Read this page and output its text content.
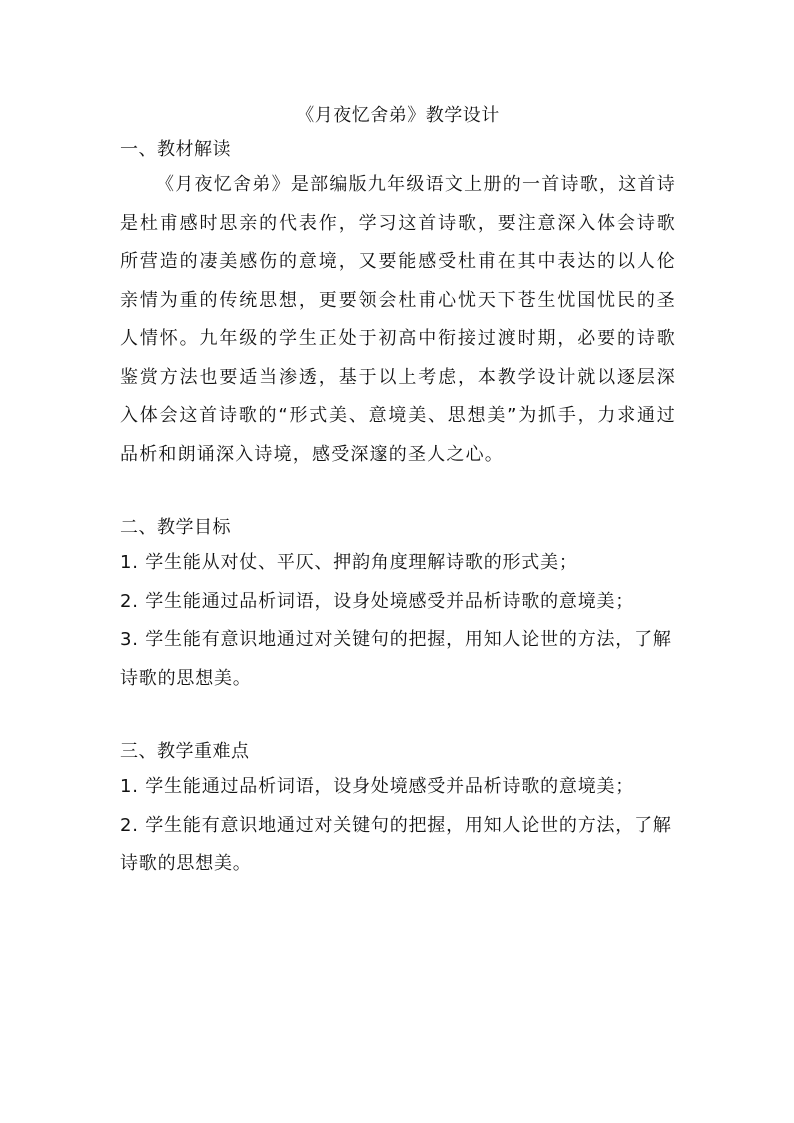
《月夜忆舍弟》教学设计
一、教材解读

《月夜忆舍弟》是部编版九年级语文上册的一首诗歌，这首诗是杜甫感时思亲的代表作，学习这首诗歌，要注意深入体会诗歌所营造的凄美感伤的意境，又要能感受杜甫在其中表达的以人伦亲情为重的传统思想，更要领会杜甫心忧天下苍生忧国忧民的圣人情怀。九年级的学生正处于初高中衔接过渡时期，必要的诗歌鉴赏方法也要适当渗透，基于以上考虑，本教学设计就以逐层深入体会这首诗歌的“形式美、意境美、思想美”为抓手，力求通过品析和朗诵深入诗境，感受深邃的圣人之心。

二、教学目标
1. 学生能从对仗、平仄、押韵角度理解诗歌的形式美；
2. 学生能通过品析词语，设身处境感受并品析诗歌的意境美；
3. 学生能有意识地通过对关键句的把握，用知人论世的方法，了解诗歌的思想美。
三、教学重难点
1. 学生能通过品析词语，设身处境感受并品析诗歌的意境美；
2. 学生能有意识地通过对关键句的把握，用知人论世的方法，了解诗歌的思想美。
